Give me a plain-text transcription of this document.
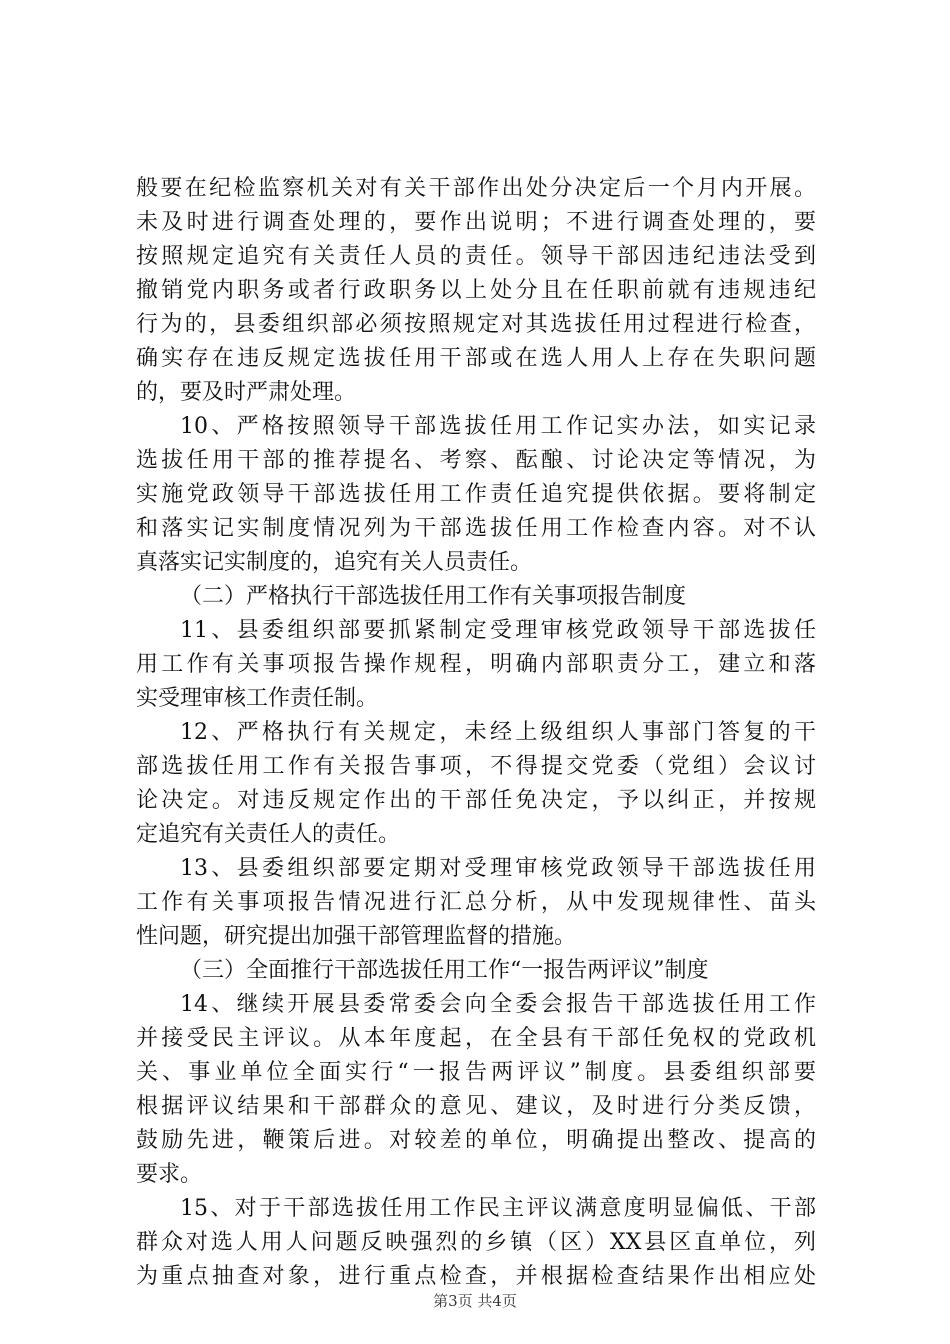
般要在纪检监察机关对有关干部作出处分决定后一个月内开展。
未及时进行调查处理的，要作出说明；不进行调查处理的，要
按照规定追究有关责任人员的责任。领导干部因违纪违法受到
撤销党内职务或者行政职务以上处分且在任职前就有违规违纪
行为的，县委组织部必须按照规定对其选拔任用过程进行检查，
确实存在违反规定选拔任用干部或在选人用人上存在失职问题
的，要及时严肃处理。
10、严格按照领导干部选拔任用工作记实办法，如实记录
选拔任用干部的推荐提名、考察、酝酿、讨论决定等情况，为
实施党政领导干部选拔任用工作责任追究提供依据。要将制定
和落实记实制度情况列为干部选拔任用工作检查内容。对不认
真落实记实制度的，追究有关人员责任。
（二）严格执行干部选拔任用工作有关事项报告制度
11、县委组织部要抓紧制定受理审核党政领导干部选拔任
用工作有关事项报告操作规程，明确内部职责分工，建立和落
实受理审核工作责任制。
12、严格执行有关规定，未经上级组织人事部门答复的干
部选拔任用工作有关报告事项，不得提交党委（党组）会议讨
论决定。对违反规定作出的干部任免决定，予以纠正，并按规
定追究有关责任人的责任。
13、县委组织部要定期对受理审核党政领导干部选拔任用
工作有关事项报告情况进行汇总分析，从中发现规律性、苗头
性问题，研究提出加强干部管理监督的措施。
（三）全面推行干部选拔任用工作“一报告两评议”制度
14、继续开展县委常委会向全委会报告干部选拔任用工作
并接受民主评议。从本年度起，在全县有干部任免权的党政机
关、事业单位全面实行“一报告两评议”制度。县委组织部要
根据评议结果和干部群众的意见、建议，及时进行分类反馈，
鼓励先进，鞭策后进。对较差的单位，明确提出整改、提高的
要求。
15、对于干部选拔任用工作民主评议满意度明显偏低、干部
群众对选人用人问题反映强烈的乡镇（区）XX县区直单位，列
为重点抽查对象，进行重点检查，并根据检查结果作出相应处
第3页 共4页
